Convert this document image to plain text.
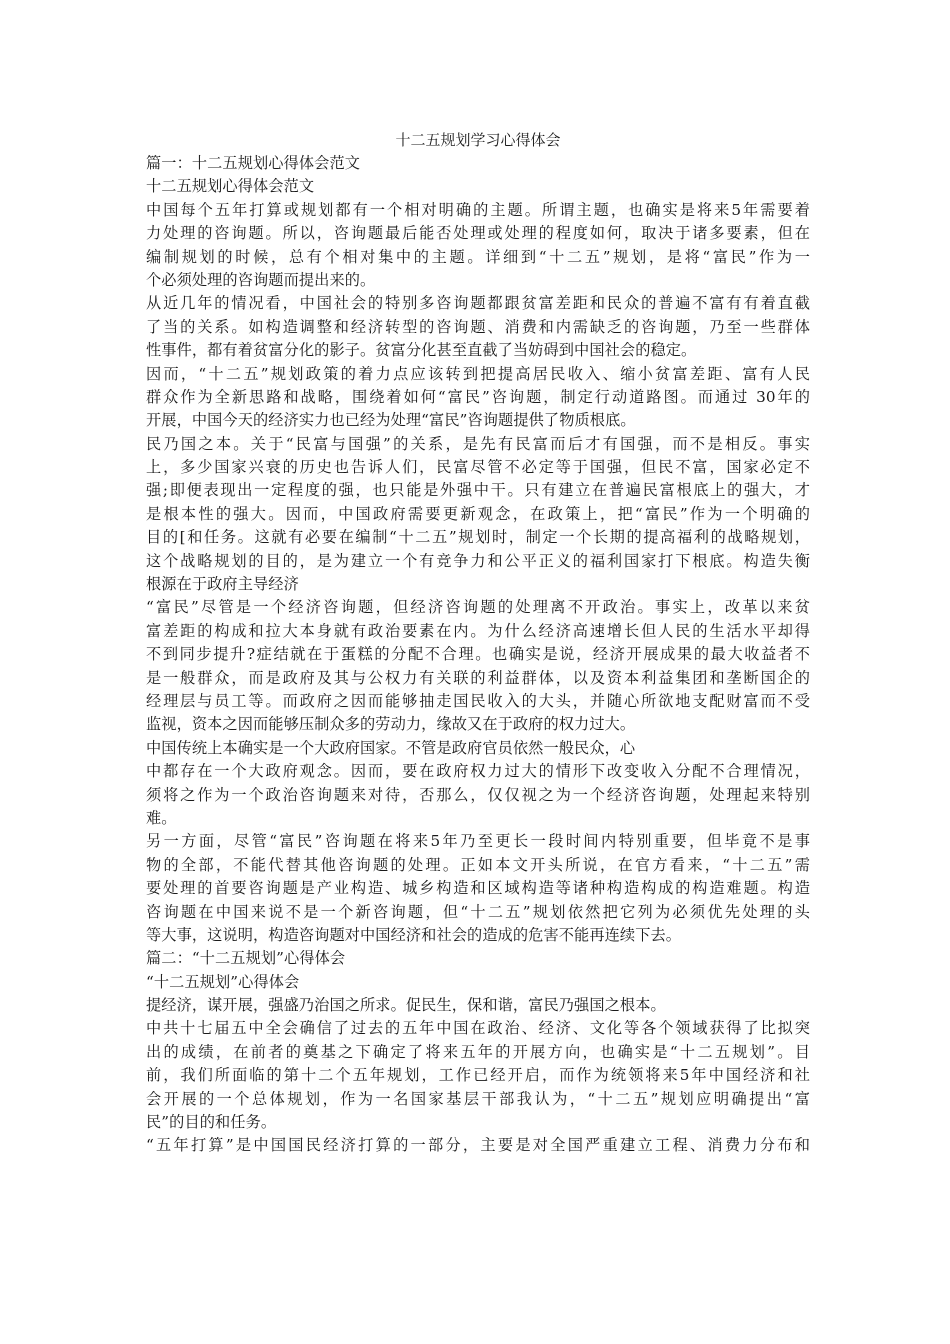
十二五规划学习心得体会
篇一：十二五规划心得体会范文
十二五规划心得体会范文
中国每个五年打算或规划都有一个相对明确的主题。所谓主题，也确实是将来5年需要着
力处理的咨询题。所以，咨询题最后能否处理或处理的程度如何，取决于诸多要素，但在
编制规划的时候，总有个相对集中的主题。详细到“十二五”规划，是将“富民”作为一
个必须处理的咨询题而提出来的。
从近几年的情况看，中国社会的特别多咨询题都跟贫富差距和民众的普遍不富有有着直截
了当的关系。如构造调整和经济转型的咨询题、消费和内需缺乏的咨询题，乃至一些群体
性事件，都有着贫富分化的影子。贫富分化甚至直截了当妨碍到中国社会的稳定。
因而，“十二五”规划政策的着力点应该转到把提高居民收入、缩小贫富差距、富有人民
群众作为全新思路和战略，围绕着如何“富民”咨询题，制定行动道路图。而通过 30年的
开展，中国今天的经济实力也已经为处理“富民”咨询题提供了物质根底。
民乃国之本。关于“民富与国强”的关系，是先有民富而后才有国强，而不是相反。事实
上，多少国家兴衰的历史也告诉人们，民富尽管不必定等于国强，但民不富，国家必定不
强;即便表现出一定程度的强，也只能是外强中干。只有建立在普遍民富根底上的强大，才
是根本性的强大。因而，中国政府需要更新观念，在政策上，把“富民”作为一个明确的
目的[和任务。这就有必要在编制“十二五”规划时，制定一个长期的提高福利的战略规划，
这个战略规划的目的，是为建立一个有竞争力和公平正义的福利国家打下根底。构造失衡
根源在于政府主导经济
“富民”尽管是一个经济咨询题，但经济咨询题的处理离不开政治。事实上，改革以来贫
富差距的构成和拉大本身就有政治要素在内。为什么经济高速增长但人民的生活水平却得
不到同步提升?症结就在于蛋糕的分配不合理。也确实是说，经济开展成果的最大收益者不
是一般群众，而是政府及其与公权力有关联的利益群体，以及资本利益集团和垄断国企的
经理层与员工等。而政府之因而能够抽走国民收入的大头，并随心所欲地支配财富而不受
监视，资本之因而能够压制众多的劳动力，缘故又在于政府的权力过大。
中国传统上本确实是一个大政府国家。不管是政府官员依然一般民众，心
中都存在一个大政府观念。因而，要在政府权力过大的情形下改变收入分配不合理情况，
须将之作为一个政治咨询题来对待，否那么，仅仅视之为一个经济咨询题，处理起来特别
难。
另一方面，尽管“富民”咨询题在将来5年乃至更长一段时间内特别重要，但毕竟不是事
物的全部，不能代替其他咨询题的处理。正如本文开头所说，在官方看来，“十二五”需
要处理的首要咨询题是产业构造、城乡构造和区域构造等诸种构造构成的构造难题。构造
咨询题在中国来说不是一个新咨询题，但“十二五”规划依然把它列为必须优先处理的头
等大事，这说明，构造咨询题对中国经济和社会的造成的危害不能再连续下去。
篇二：“十二五规划”心得体会
“十二五规划”心得体会
提经济，谋开展，强盛乃治国之所求。促民生，保和谐，富民乃强国之根本。
中共十七届五中全会确信了过去的五年中国在政治、经济、文化等各个领域获得了比拟突
出的成绩，在前者的奠基之下确定了将来五年的开展方向，也确实是“十二五规划”。目
前，我们所面临的第十二个五年规划，工作已经开启，而作为统领将来5年中国经济和社
会开展的一个总体规划，作为一名国家基层干部我认为，“十二五”规划应明确提出“富
民”的目的和任务。
“五年打算”是中国国民经济打算的一部分，主要是对全国严重建立工程、消费力分布和
